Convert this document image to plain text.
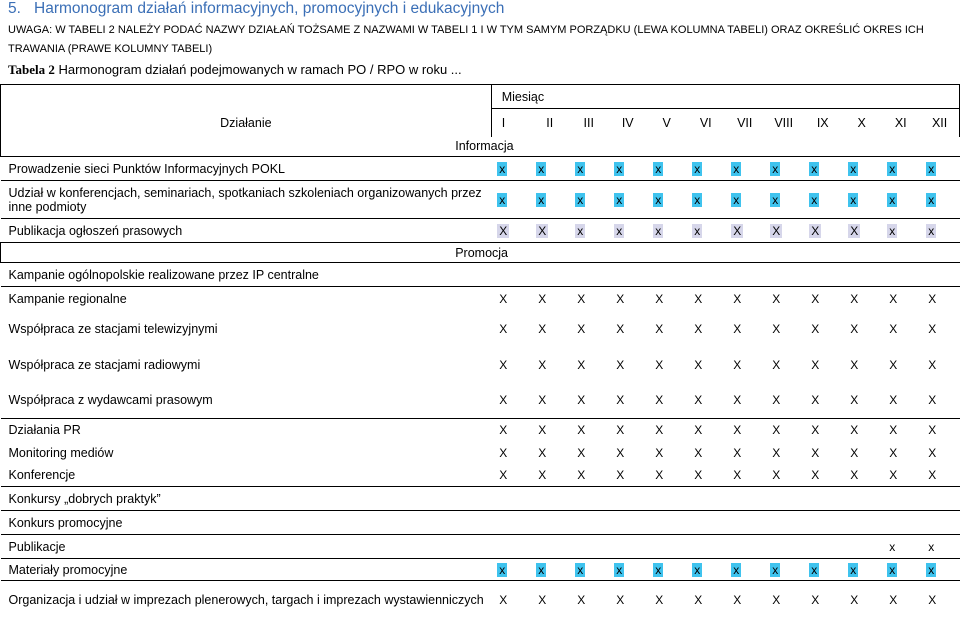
5. Harmonogram działań informacyjnych, promocyjnych i edukacyjnych
UWAGA: W TABELI 2 NALEŻY PODAĆ NAZWY DZIAŁAŃ TOŻSAME Z NAZWAMI W TABELI 1 I W TYM SAMYM PORZĄDKU (LEWA KOLUMNA TABELI) ORAZ OKREŚLIĆ OKRES ICH TRAWANIA (PRAWE KOLUMNY TABELI)
Tabela 2 Harmonogram działań podejmowanych w ramach PO / RPO w roku ...
	Miesiąc											
Działanie	I	II	III	IV	V	VI	VII	VIII	IX	X	XI	XII
	Informacja											
Prowadzenie sieci Punktów Informacyjnych POKL	x	x	x	x	x	x	x	x	x	x	x	x
Udział w konferencjach, seminariach, spotkaniach szkoleniach organizowanych przez inne podmioty	x	x	x	x	x	x	x	x	x	x	x	x
Publikacja ogłoszeń prasowych	X	X	x	x	x	x	X	X	X	X	x	x
	Promocja											
Kampanie ogólnopolskie realizowane przez IP centralne												
Kampanie regionalne	X	X	X	X	X	X	X	X	X	X	X	X
Współpraca ze stacjami telewizyjnymi	X	X	X	X	X	X	X	X	X	X	X	X
Współpraca ze stacjami radiowymi	X	X	X	X	X	X	X	X	X	X	X	X
Współpraca z wydawcami prasowym	X	X	X	X	X	X	X	X	X	X	X	X
Działania PR	X	X	X	X	X	X	X	X	X	X	X	X
Monitoring mediów	X	X	X	X	X	X	X	X	X	X	X	X
Konferencje	X	X	X	X	X	X	X	X	X	X	X	X
Konkursy „dobrych praktyk”												
Konkurs promocyjne												
Publikacje											x	x
Materiały promocyjne	x	x	x	x	x	x	x	x	x	x	x	x
Organizacja i udział w imprezach plenerowych, targach i imprezach wystawienniczych	X	X	X	X	X	X	X	X	X	X	X	X
